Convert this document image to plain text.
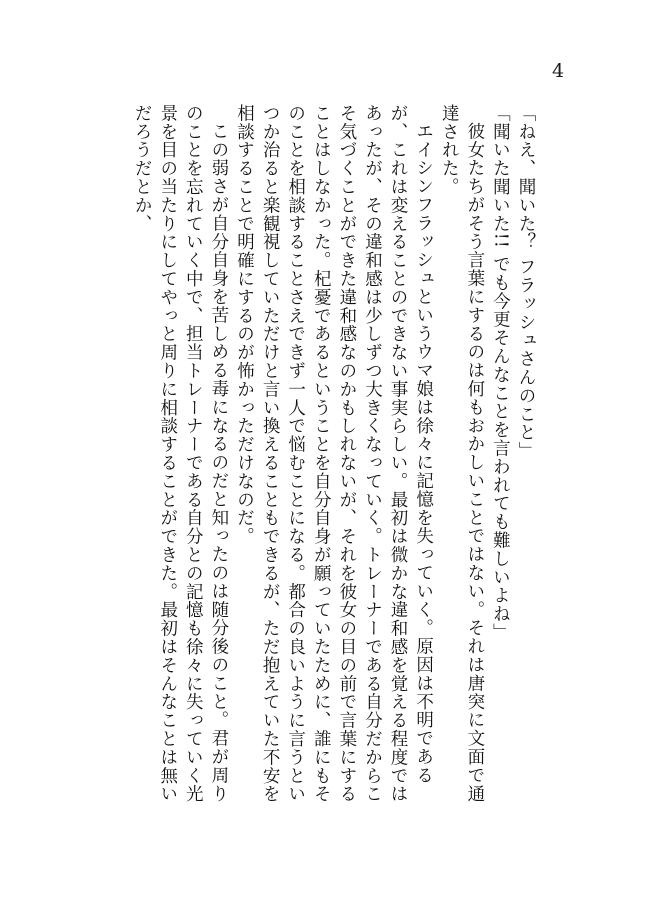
4

「ねえ、聞いた？ フラッシュさんのこと」

「聞いた聞いた!! でも今更そんなことを言われても難しいよね」

彼女たちがそう言葉にするのは何もおかしいことではない。それは唐突に文面で通達された。

エイシンフラッシュというウマ娘は徐々に記憶を失っていく。原因は不明であるが、これは変えることのできない事実らしい。最初は微かな違和感を覚える程度ではあったが、その違和感は少しずつ大きくなっていく。トレーナーである自分だからこそ気づくことができた違和感なのかもしれないが、それを彼女の目の前で言葉にすることはしなかった。杞憂であるということを自分自身が願っていたために、誰にもそのことを相談することさえできず一人で悩むことになる。都合の良いように言うといつか治ると楽観視していただけと言い換えることもできるが、ただ抱えていた不安を相談することで明確にするのが怖かっただけなのだ。

この弱さが自分自身を苦しめる毒になるのだと知ったのは随分後のこと。君が周りのことを忘れていく中で、担当トレーナーである自分との記憶も徐々に失っていく光景を目の当たりにしてやっと周りに相談することができた。最初はそんなことは無いだろうだとか、
